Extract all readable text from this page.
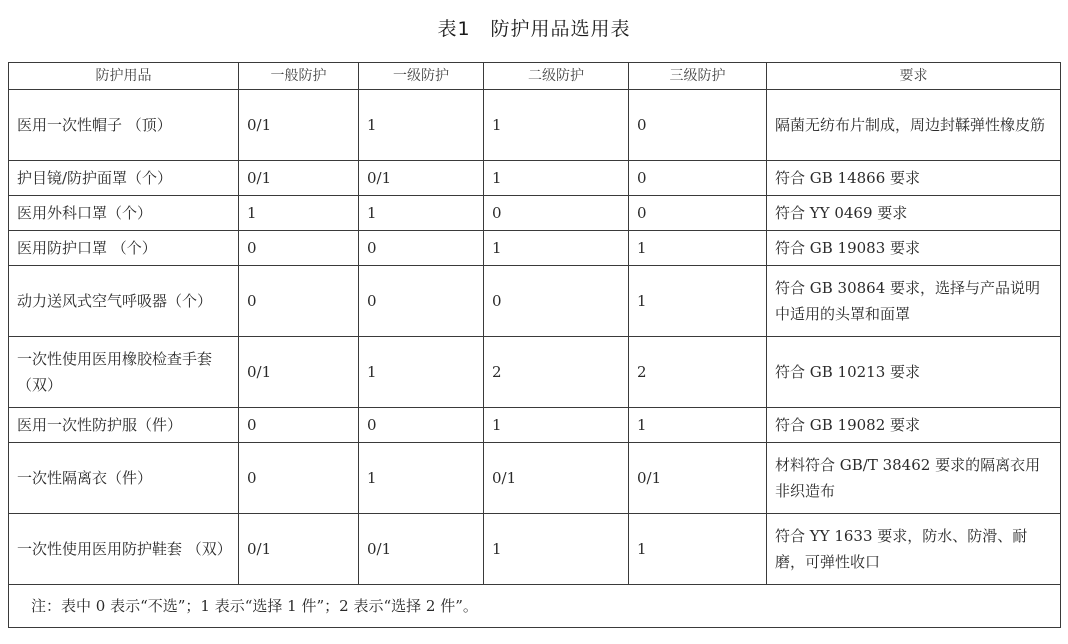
表1　防护用品选用表
防护用品	一般防护	一级防护	二级防护	三级防护	要求
医用一次性帽子 （顶）	0/1	1	1	0	隔菌无纺布片制成，周边封鞣弹性橡皮筋
护目镜/防护面罩（个）	0/1	0/1	1	0	符合 GB 14866 要求
医用外科口罩（个）	1	1	0	0	符合 YY 0469 要求
医用防护口罩 （个）	0	0	1	1	符合 GB 19083 要求
动力送风式空气呼吸器（个）	0	0	0	1	符合 GB 30864 要求，选择与产品说明中适用的头罩和面罩
一次性使用医用橡胶检查手套（双）	0/1	1	2	2	符合 GB 10213 要求
医用一次性防护服（件）	0	0	1	1	符合 GB 19082 要求
一次性隔离衣（件）	0	1	0/1	0/1	材料符合 GB/T 38462 要求的隔离衣用非织造布
一次性使用医用防护鞋套 （双）	0/1	0/1	1	1	符合 YY 1633 要求，防水、防滑、耐磨，可弹性收口
注：表中 0 表示“不选”；1 表示“选择 1 件”；2 表示“选择 2 件”。					
